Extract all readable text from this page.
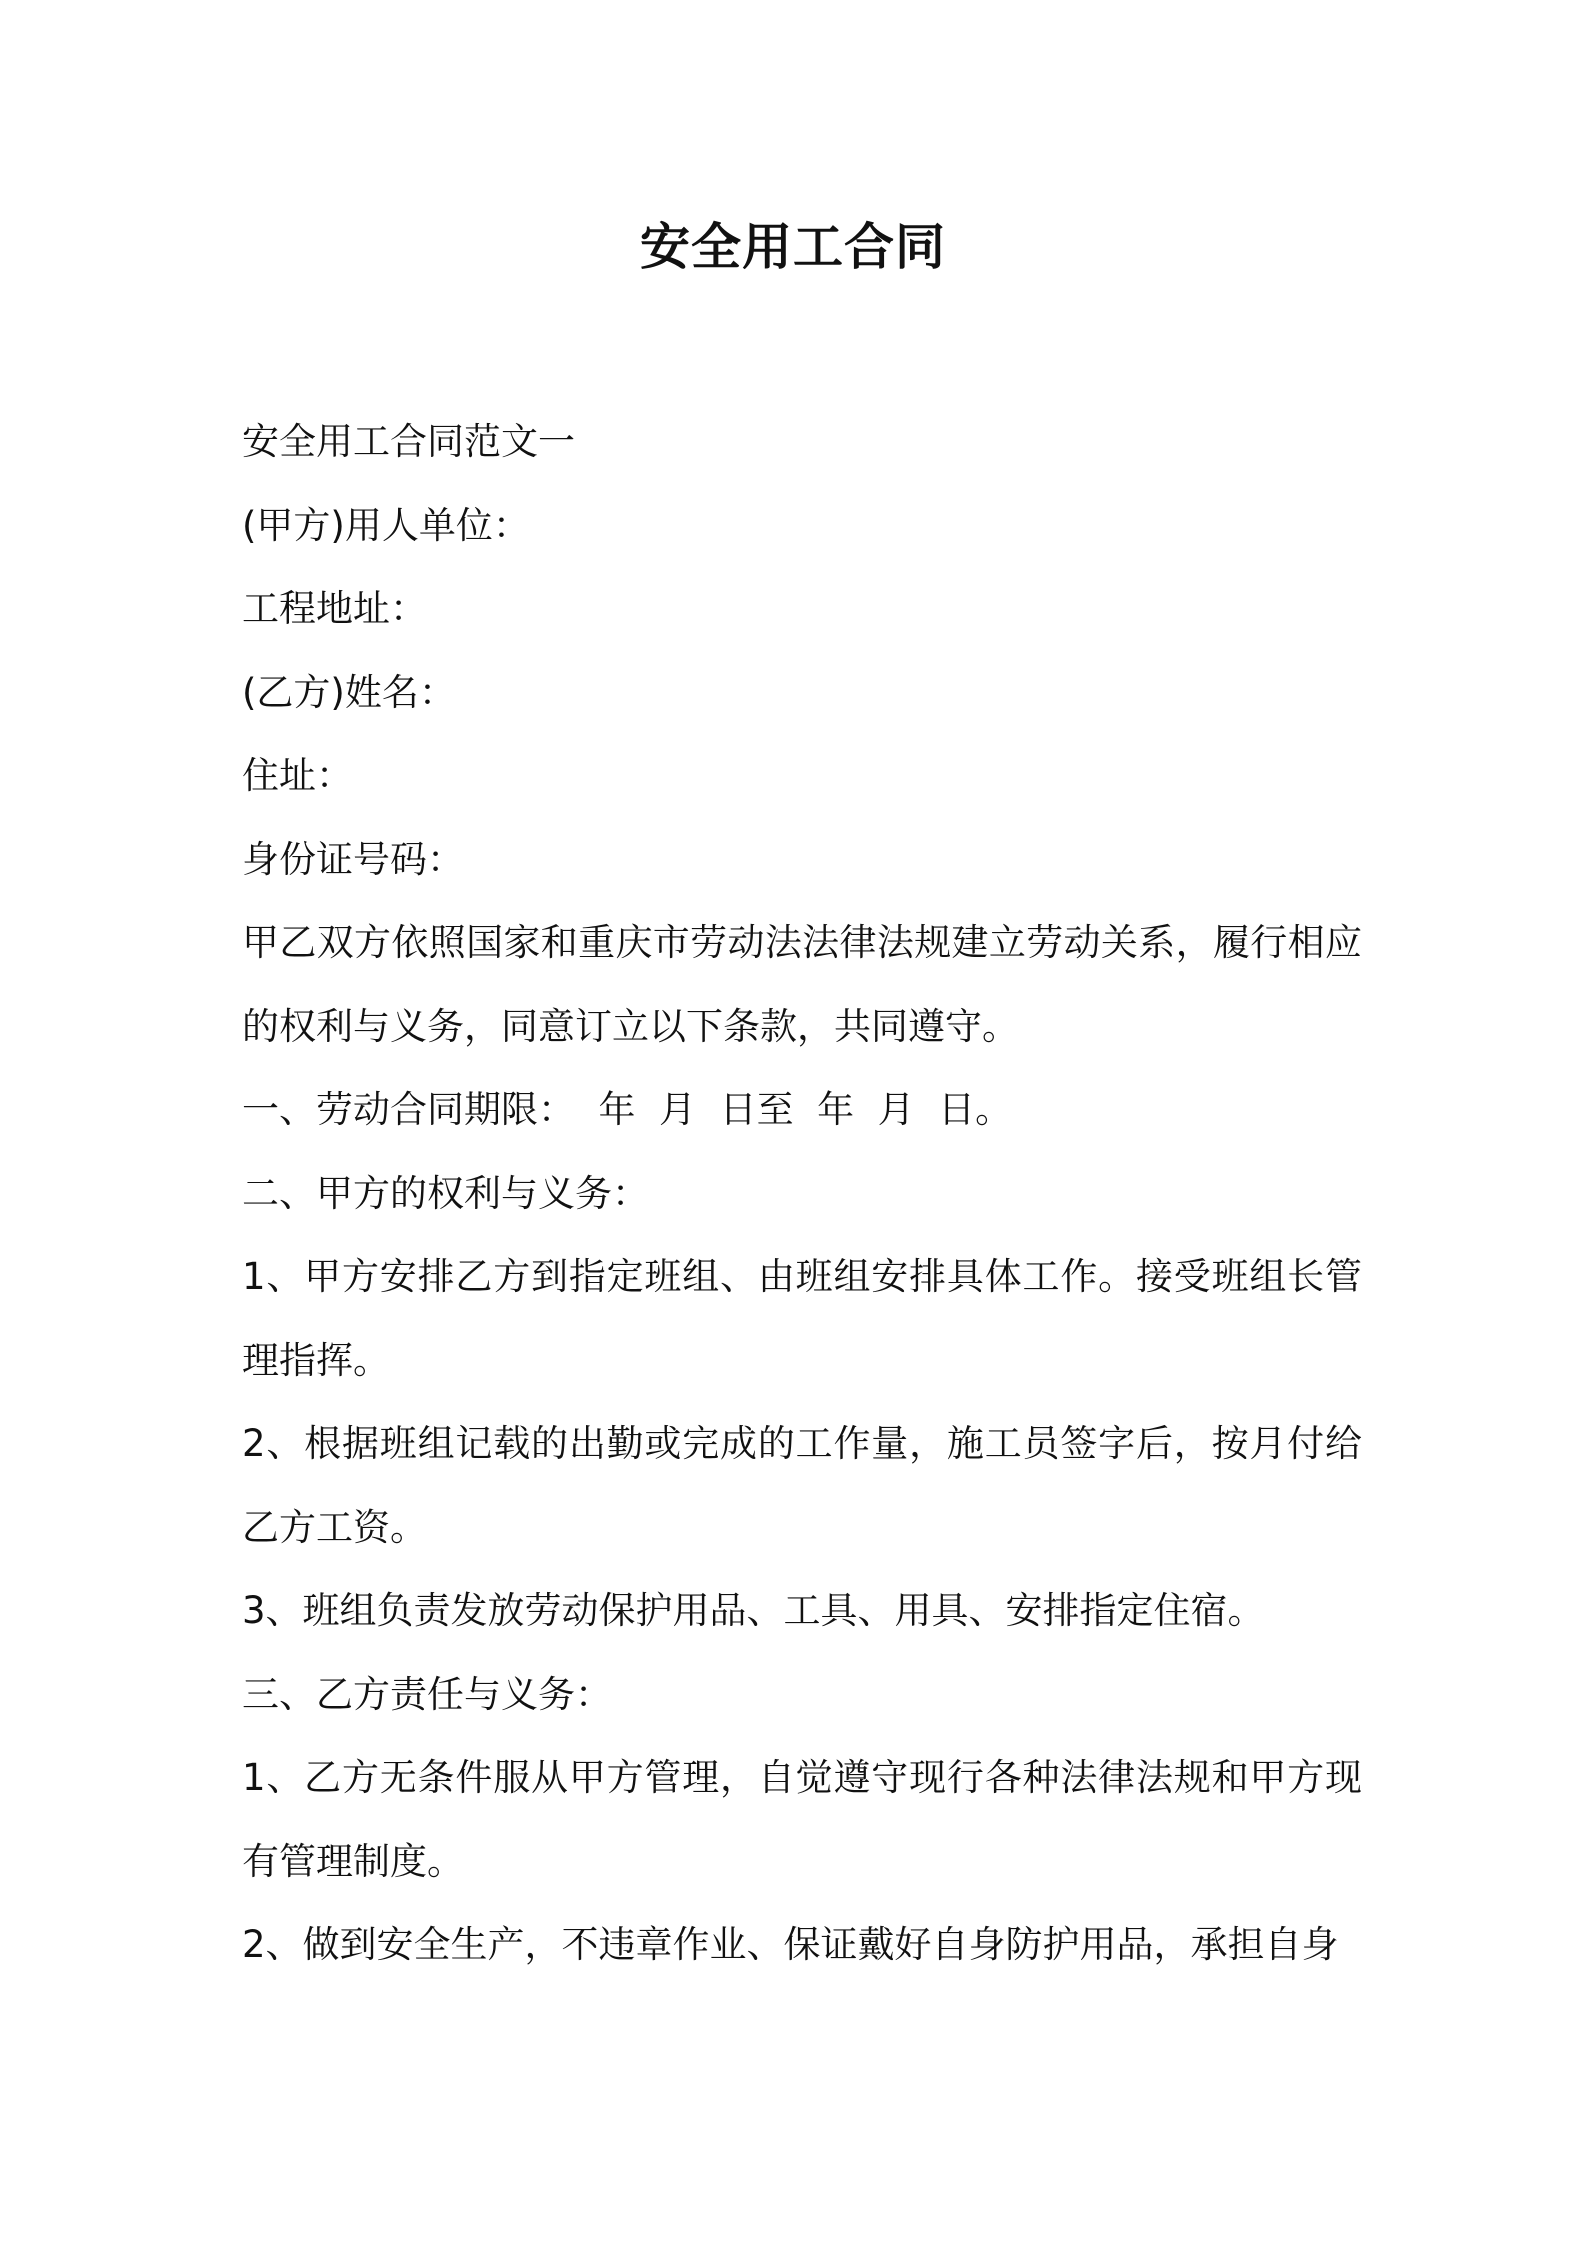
安全用工合同

安全用工合同范文一

(甲方)用人单位：

工程地址：

(乙方)姓名：

住址：

身份证号码：

甲乙双方依照国家和重庆市劳动法法律法规建立劳动关系，履行相应的权利与义务，同意订立以下条款，共同遵守。

一、劳动合同期限：  年  月  日至  年  月  日。

二、甲方的权利与义务：

1、甲方安排乙方到指定班组、由班组安排具体工作。接受班组长管理指挥。

2、根据班组记载的出勤或完成的工作量，施工员签字后，按月付给乙方工资。

3、班组负责发放劳动保护用品、工具、用具、安排指定住宿。

三、乙方责任与义务：

1、乙方无条件服从甲方管理，自觉遵守现行各种法律法规和甲方现有管理制度。

2、做到安全生产，不违章作业、保证戴好自身防护用品，承担自身
